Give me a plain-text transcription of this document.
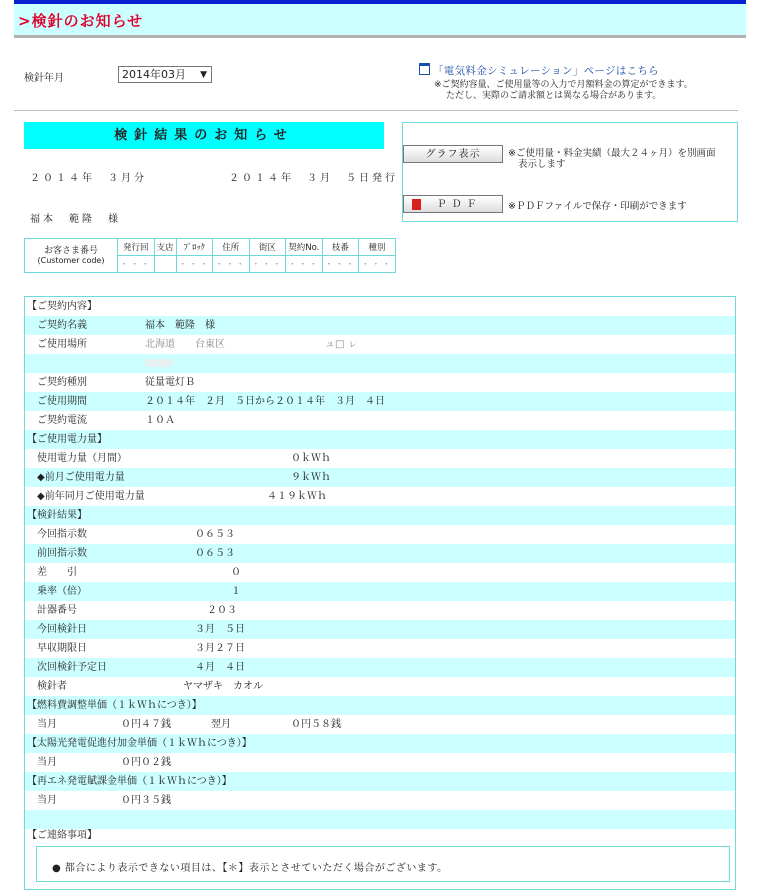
>検針のお知らせ
検針年月	2014年03月 ▼	「電気料金シミュレーション」ページはこちら
※ご契約容量、ご使用量等の入力で月額料金の算定ができます。
ただし、実際のご請求額とは異なる場合があります。
検針結果のお知らせ
２０１４年　３月分	２０１４年　３月　５日発行
福本　範隆　様
お客さま番号
(Customer code)	発行回	支店	ﾌﾞﾛｯｸ	住所	街区	契約No.	枝番	種別
	・・・		・・・	・・・	・・・	・・・	・・・	・・・
グラフ表示	※ご使用量・料金実績（最大２４ヶ月）を別画面
表示します
ＰＤＦ	※ＰＤＦファイルで保存・印刷ができます
【ご契約内容】
ご契約名義	福本　範隆　様
ご使用場所	北海道　　台東区　　　　　　　　　　ュ□ ㇾ
ご契約種別	従量電灯Ｂ
ご使用期間	２０１４年　２月　５日から２０１４年　３月　４日
ご契約電流	１０Ａ
【ご使用電力量】
使用電力量（月間）	０ｋＷｈ
◆前月ご使用電力量	９ｋＷｈ
◆前年同月ご使用電力量	４１９ｋＷｈ
【検針結果】
今回指示数	０６５３
前回指示数	０６５３
差　　引	０
乗率（倍）	１
計器番号	２０３
今回検針日	３月　５日
早収期限日	３月２７日
次回検針予定日	４月　４日
検針者	ヤマザキ　カオル
【燃料費調整単価（１ｋＷｈにつき）】
当月	０円４７銭	翌月	０円５８銭
【太陽光発電促進付加金単価（１ｋＷｈにつき）】
当月	０円０２銭
【再エネ発電賦課金単価（１ｋＷｈにつき）】
当月	０円３５銭
【ご連絡事項】
● 都合により表示できない項目は、【＊】表示とさせていただく場合がございます。
